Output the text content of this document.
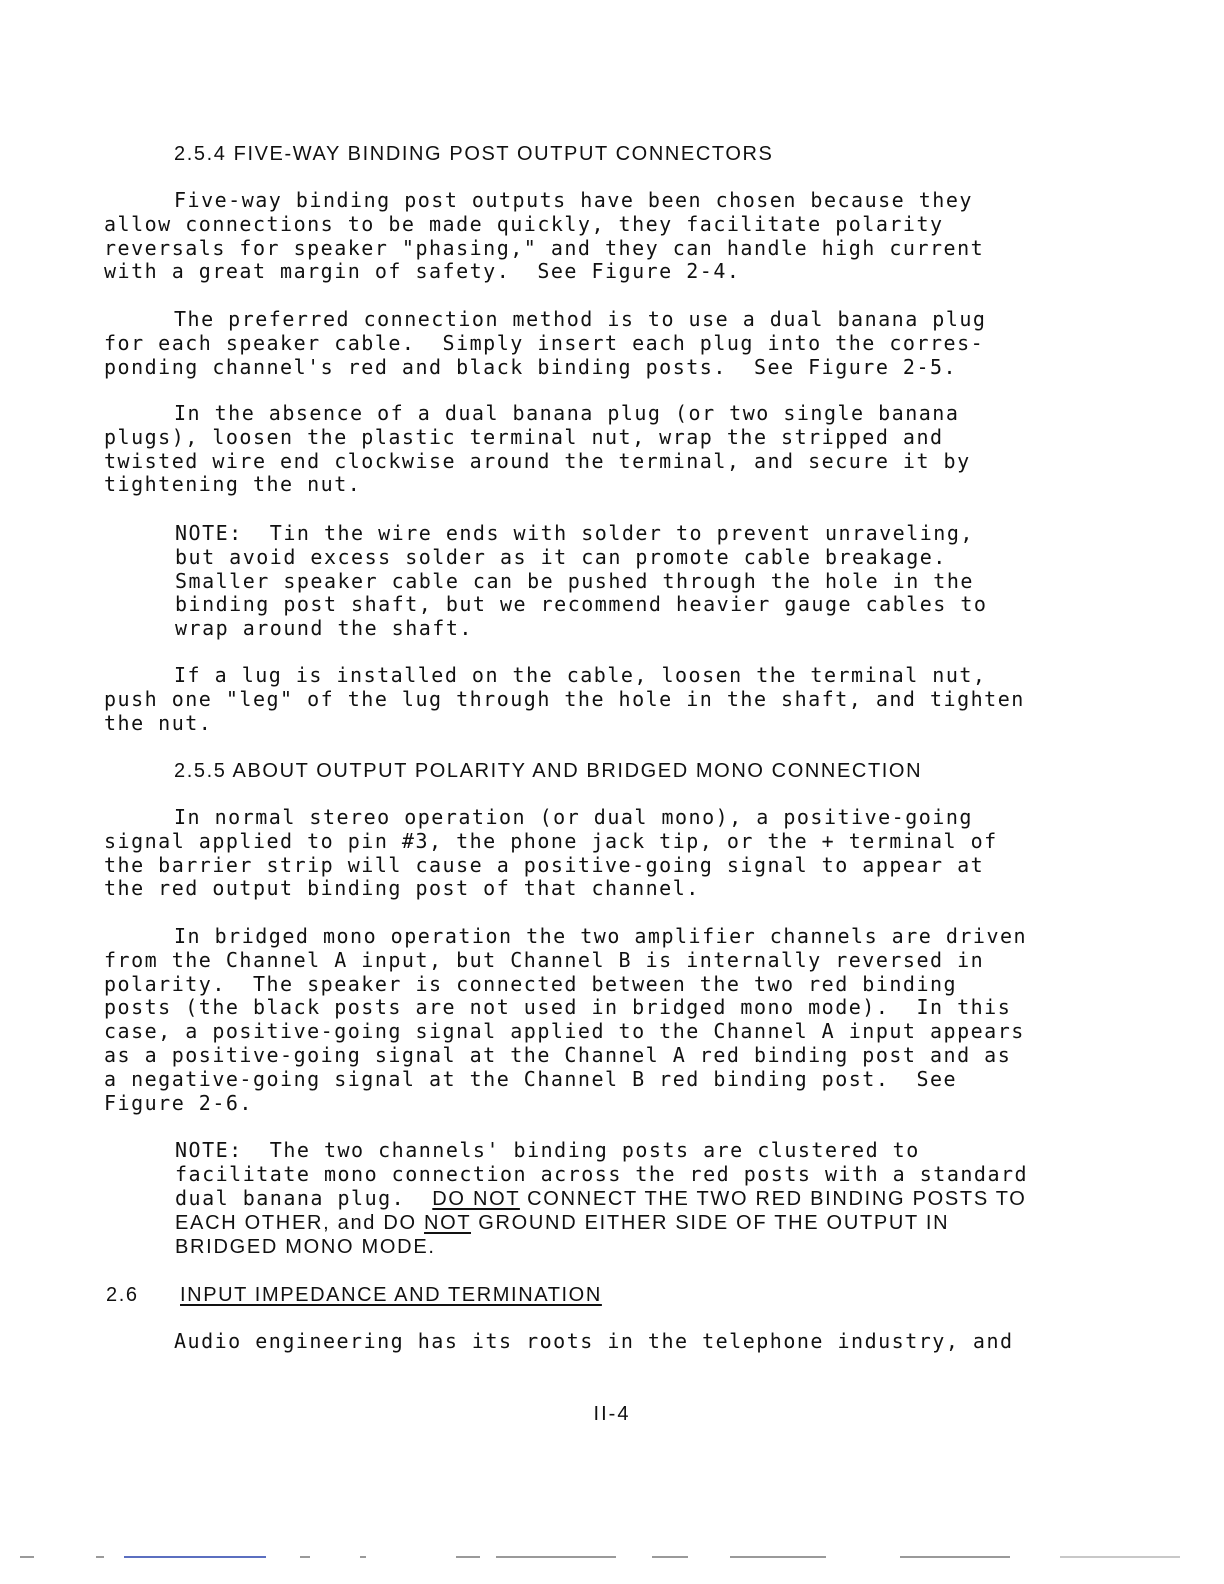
2.5.4 FIVE-WAY BINDING POST OUTPUT CONNECTORS
Five-way binding post outputs have been chosen because they
allow connections to be made quickly, they facilitate polarity
reversals for speaker "phasing," and they can handle high current
with a great margin of safety.  See Figure 2-4.
The preferred connection method is to use a dual banana plug
for each speaker cable.  Simply insert each plug into the corres-
ponding channel's red and black binding posts.  See Figure 2-5.
In the absence of a dual banana plug (or two single banana
plugs), loosen the plastic terminal nut, wrap the stripped and
twisted wire end clockwise around the terminal, and secure it by
tightening the nut.
NOTE:  Tin the wire ends with solder to prevent unraveling,
but avoid excess solder as it can promote cable breakage.
Smaller speaker cable can be pushed through the hole in the
binding post shaft, but we recommend heavier gauge cables to
wrap around the shaft.
If a lug is installed on the cable, loosen the terminal nut,
push one "leg" of the lug through the hole in the shaft, and tighten
the nut.
2.5.5 ABOUT OUTPUT POLARITY AND BRIDGED MONO CONNECTION
In normal stereo operation (or dual mono), a positive-going
signal applied to pin #3, the phone jack tip, or the + terminal of
the barrier strip will cause a positive-going signal to appear at
the red output binding post of that channel.
In bridged mono operation the two amplifier channels are driven
from the Channel A input, but Channel B is internally reversed in
polarity.  The speaker is connected between the two red binding
posts (the black posts are not used in bridged mono mode).  In this
case, a positive-going signal applied to the Channel A input appears
as a positive-going signal at the Channel A red binding post and as
a negative-going signal at the Channel B red binding post.  See
Figure 2-6.
NOTE:  The two channels' binding posts are clustered to
facilitate mono connection across the red posts with a standard
dual banana plug.  DO NOT CONNECT THE TWO RED BINDING POSTS TO
EACH OTHER, and DO NOT GROUND EITHER SIDE OF THE OUTPUT IN
BRIDGED MONO MODE.
2.6 INPUT IMPEDANCE AND TERMINATION
Audio engineering has its roots in the telephone industry, and
II-4
